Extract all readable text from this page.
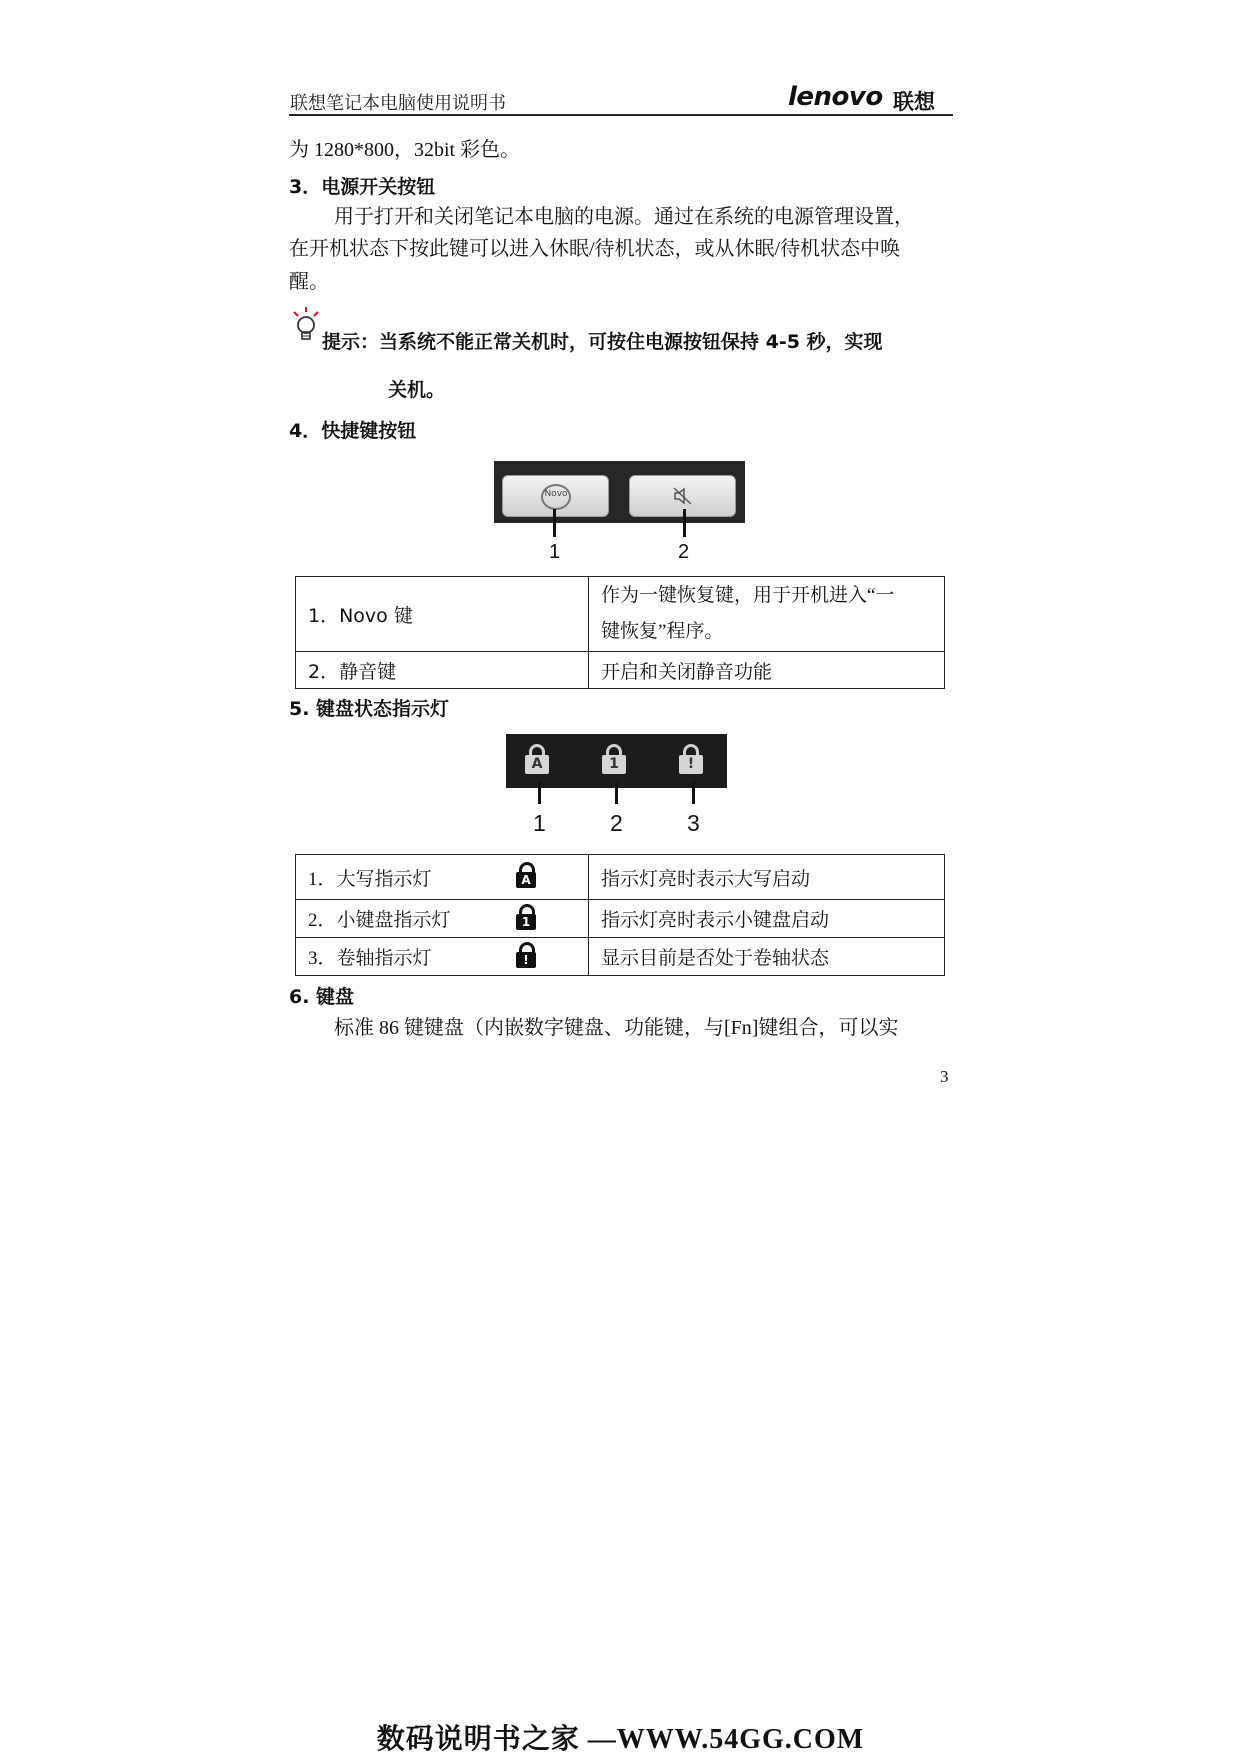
联想笔记本电脑使用说明书	lenovo 联想
为 1280*800，32bit 彩色。
3．电源开关按钮
用于打开和关闭笔记本电脑的电源。通过在系统的电源管理设置，
在开机状态下按此键可以进入休眠/待机状态，或从休眠/待机状态中唤
醒。
提示：当系统不能正常关机时，可按住电源按钮保持 4-5 秒，实现
关机。
4．快捷键按钮
Novo
1	2
1．Novo 键	作为一键恢复键，用于开机进入“一
键恢复”程序。

2．静音键	开启和关闭静音功能
5. 键盘状态指示灯
A	1	!
1	2	3
1．大写指示灯 A	指示灯亮时表示大写启动
2．小键盘指示灯 1	指示灯亮时表示小键盘启动
3．卷轴指示灯 !	显示目前是否处于卷轴状态
6. 键盘
标准 86 键键盘（内嵌数字键盘、功能键，与[Fn]键组合，可以实
3
数码说明书之家 —WWW.54GG.COM
